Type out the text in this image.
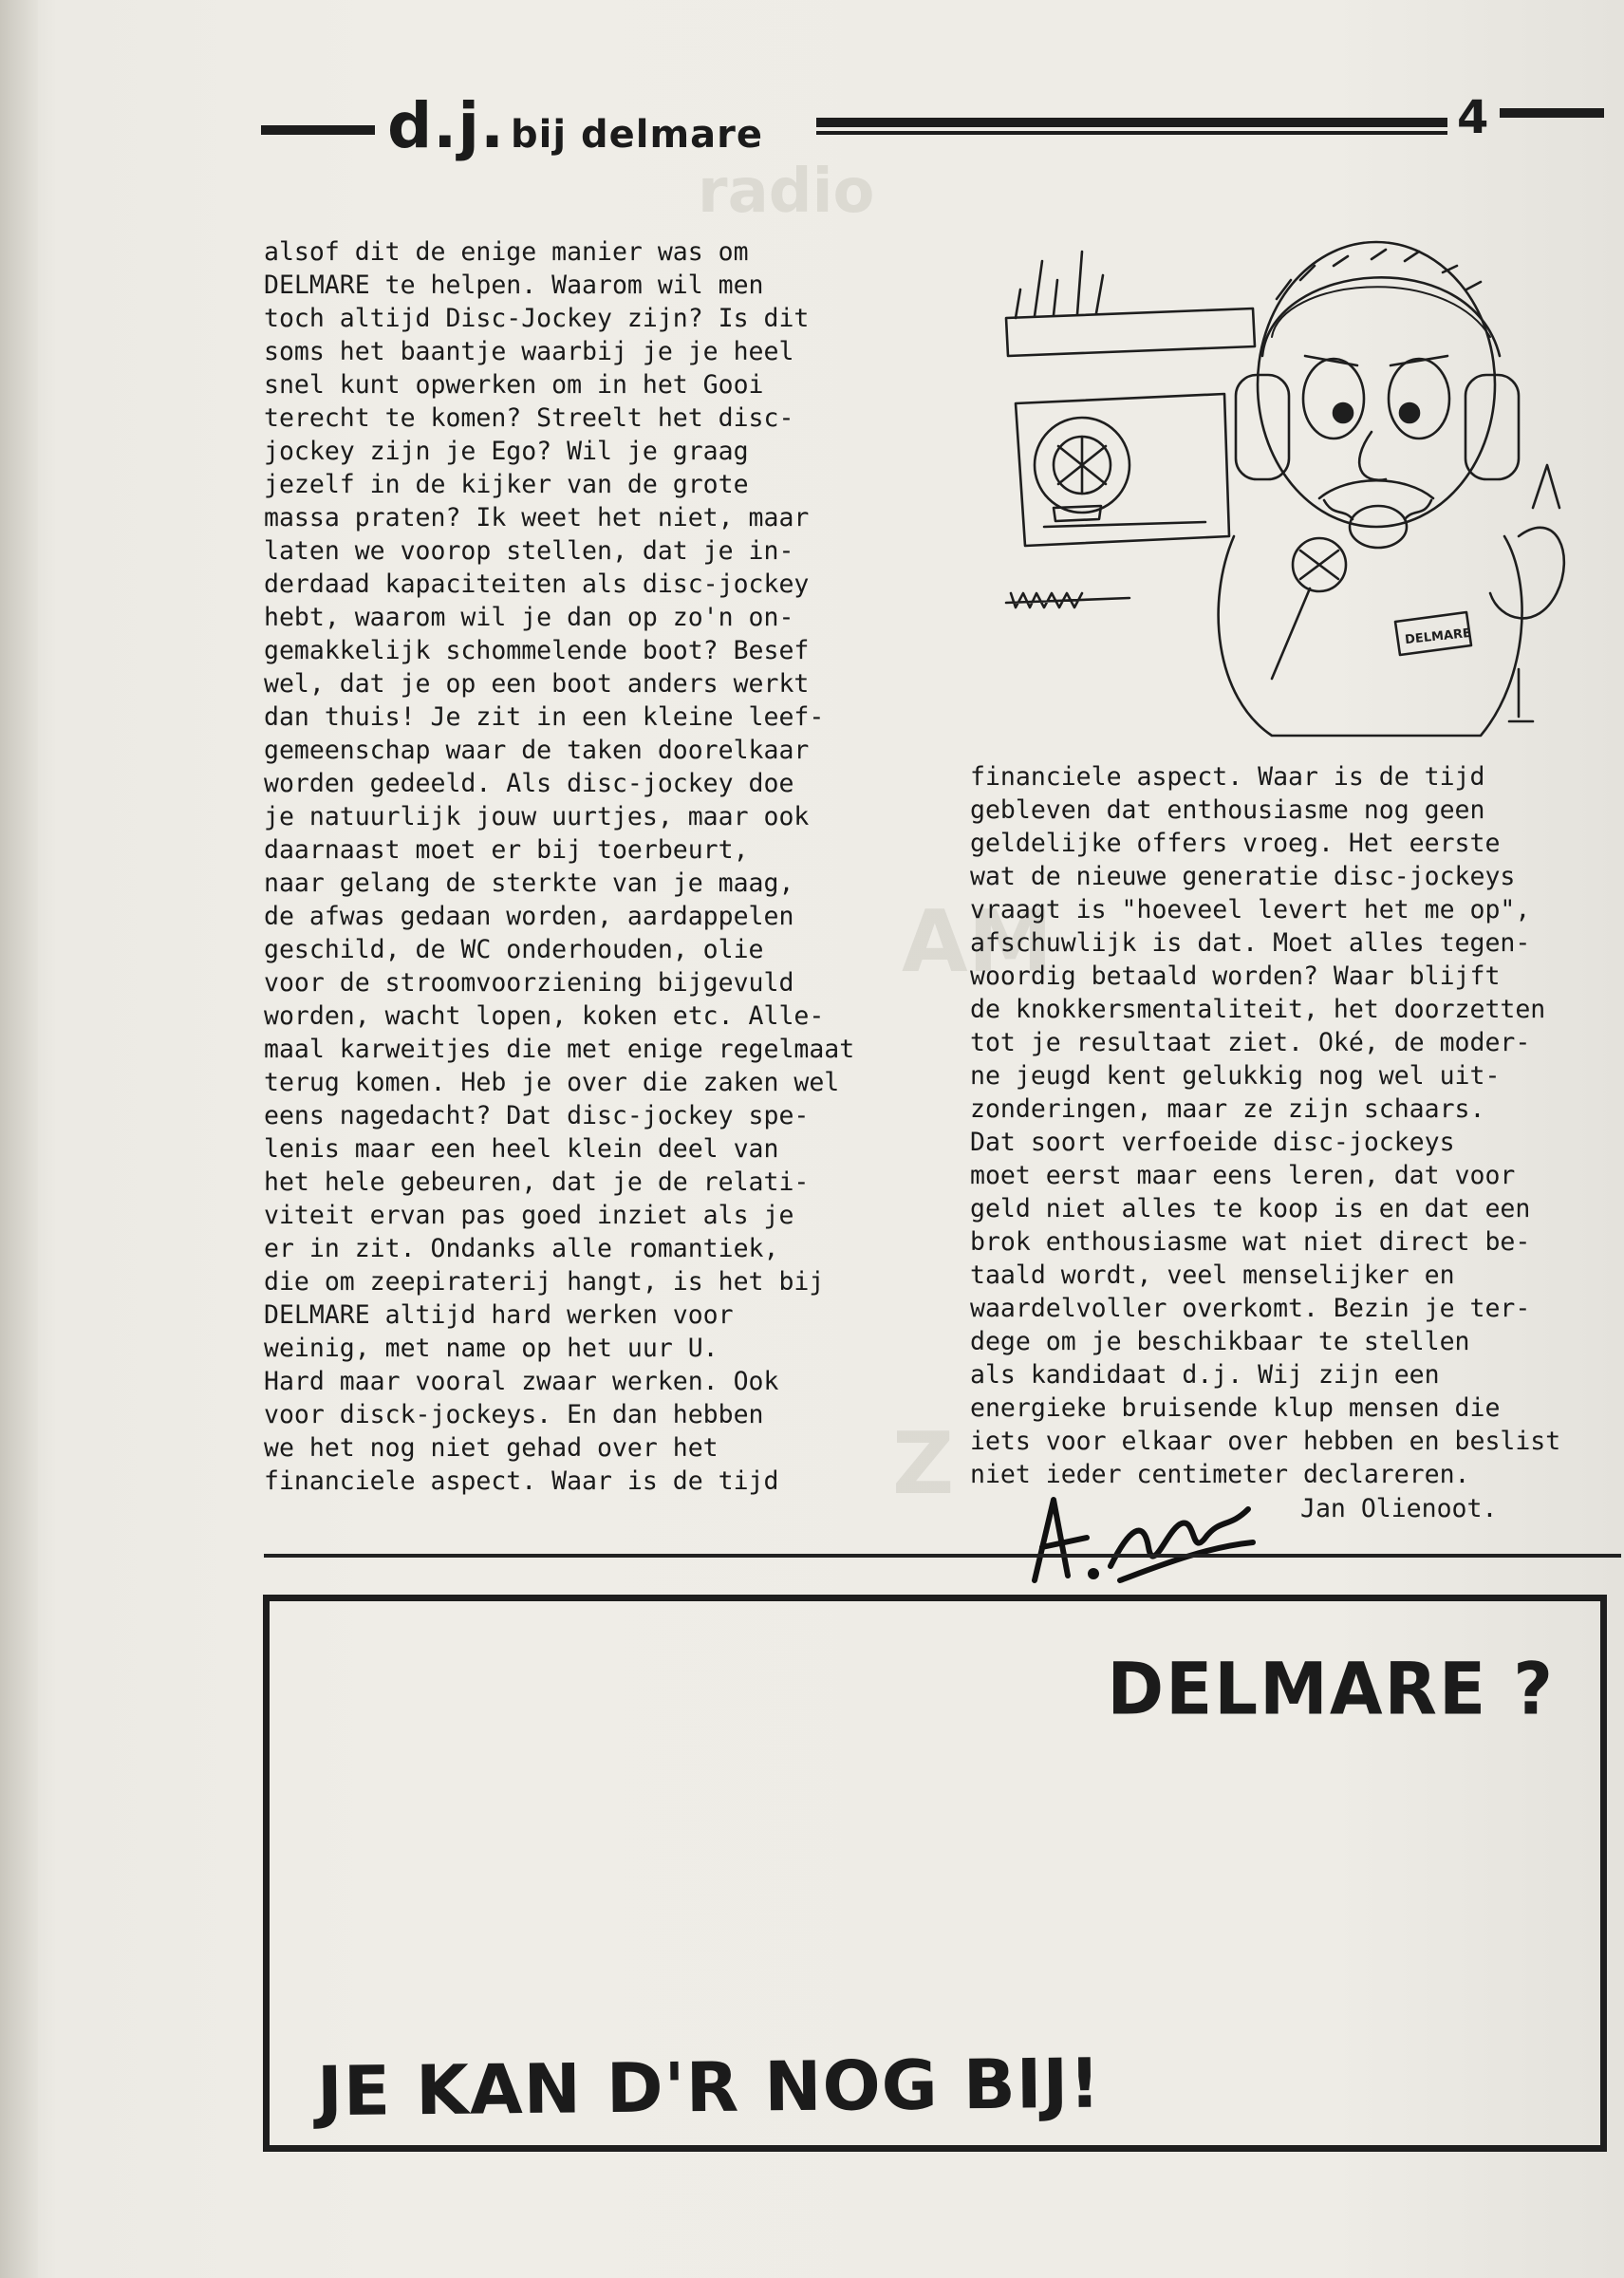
radio
AM
Z
d.j. bij delmare	4
alsof dit de enige manier was om
DELMARE te helpen. Waarom wil men
toch altijd Disc-Jockey zijn? Is dit
soms het baantje waarbij je je heel
snel kunt opwerken om in het Gooi
terecht te komen? Streelt het disc-
jockey zijn je Ego? Wil je graag
jezelf in de kijker van de grote
massa praten? Ik weet het niet, maar
laten we voorop stellen, dat je in-
derdaad kapaciteiten als disc-jockey
hebt, waarom wil je dan op zo'n on-
gemakkelijk schommelende boot? Besef
wel, dat je op een boot anders werkt
dan thuis! Je zit in een kleine leef-
gemeenschap waar de taken doorelkaar
worden gedeeld. Als disc-jockey doe
je natuurlijk jouw uurtjes, maar ook
daarnaast moet er bij toerbeurt,
naar gelang de sterkte van je maag,
de afwas gedaan worden, aardappelen
geschild, de WC onderhouden, olie
voor de stroomvoorziening bijgevuld
worden, wacht lopen, koken etc. Alle-
maal karweitjes die met enige regelmaat
terug komen. Heb je over die zaken wel
eens nagedacht? Dat disc-jockey spe-
lenis maar een heel klein deel van
het hele gebeuren, dat je de relati-
viteit ervan pas goed inziet als je
er in zit. Ondanks alle romantiek,
die om zeepiraterij hangt, is het bij
DELMARE altijd hard werken voor
weinig, met name op het uur U.
Hard maar vooral zwaar werken. Ook
voor disck-jockeys. En dan hebben
we het nog niet gehad over het
financiele aspect. Waar is de tijd
financiele aspect. Waar is de tijd
gebleven dat enthousiasme nog geen
geldelijke offers vroeg. Het eerste
wat de nieuwe generatie disc-jockeys
vraagt is "hoeveel levert het me op",
afschuwlijk is dat. Moet alles tegen-
woordig betaald worden? Waar blijft
de knokkersmentaliteit, het doorzetten
tot je resultaat ziet. Oké, de moder-
ne jeugd kent gelukkig nog wel uit-
zonderingen, maar ze zijn schaars.
Dat soort verfoeide disc-jockeys
moet eerst maar eens leren, dat voor
geld niet alles te koop is en dat een
brok enthousiasme wat niet direct be-
taald wordt, veel menselijker en
waardelvoller overkomt. Bezin je ter-
dege om je beschikbaar te stellen
als kandidaat d.j. Wij zijn een
energieke bruisende klup mensen die
iets voor elkaar over hebben en beslist
niet ieder centimeter declareren.
Jan Olienoot.
DELMARE
DELMARE ?
JE KAN D'R NOG BIJ!
